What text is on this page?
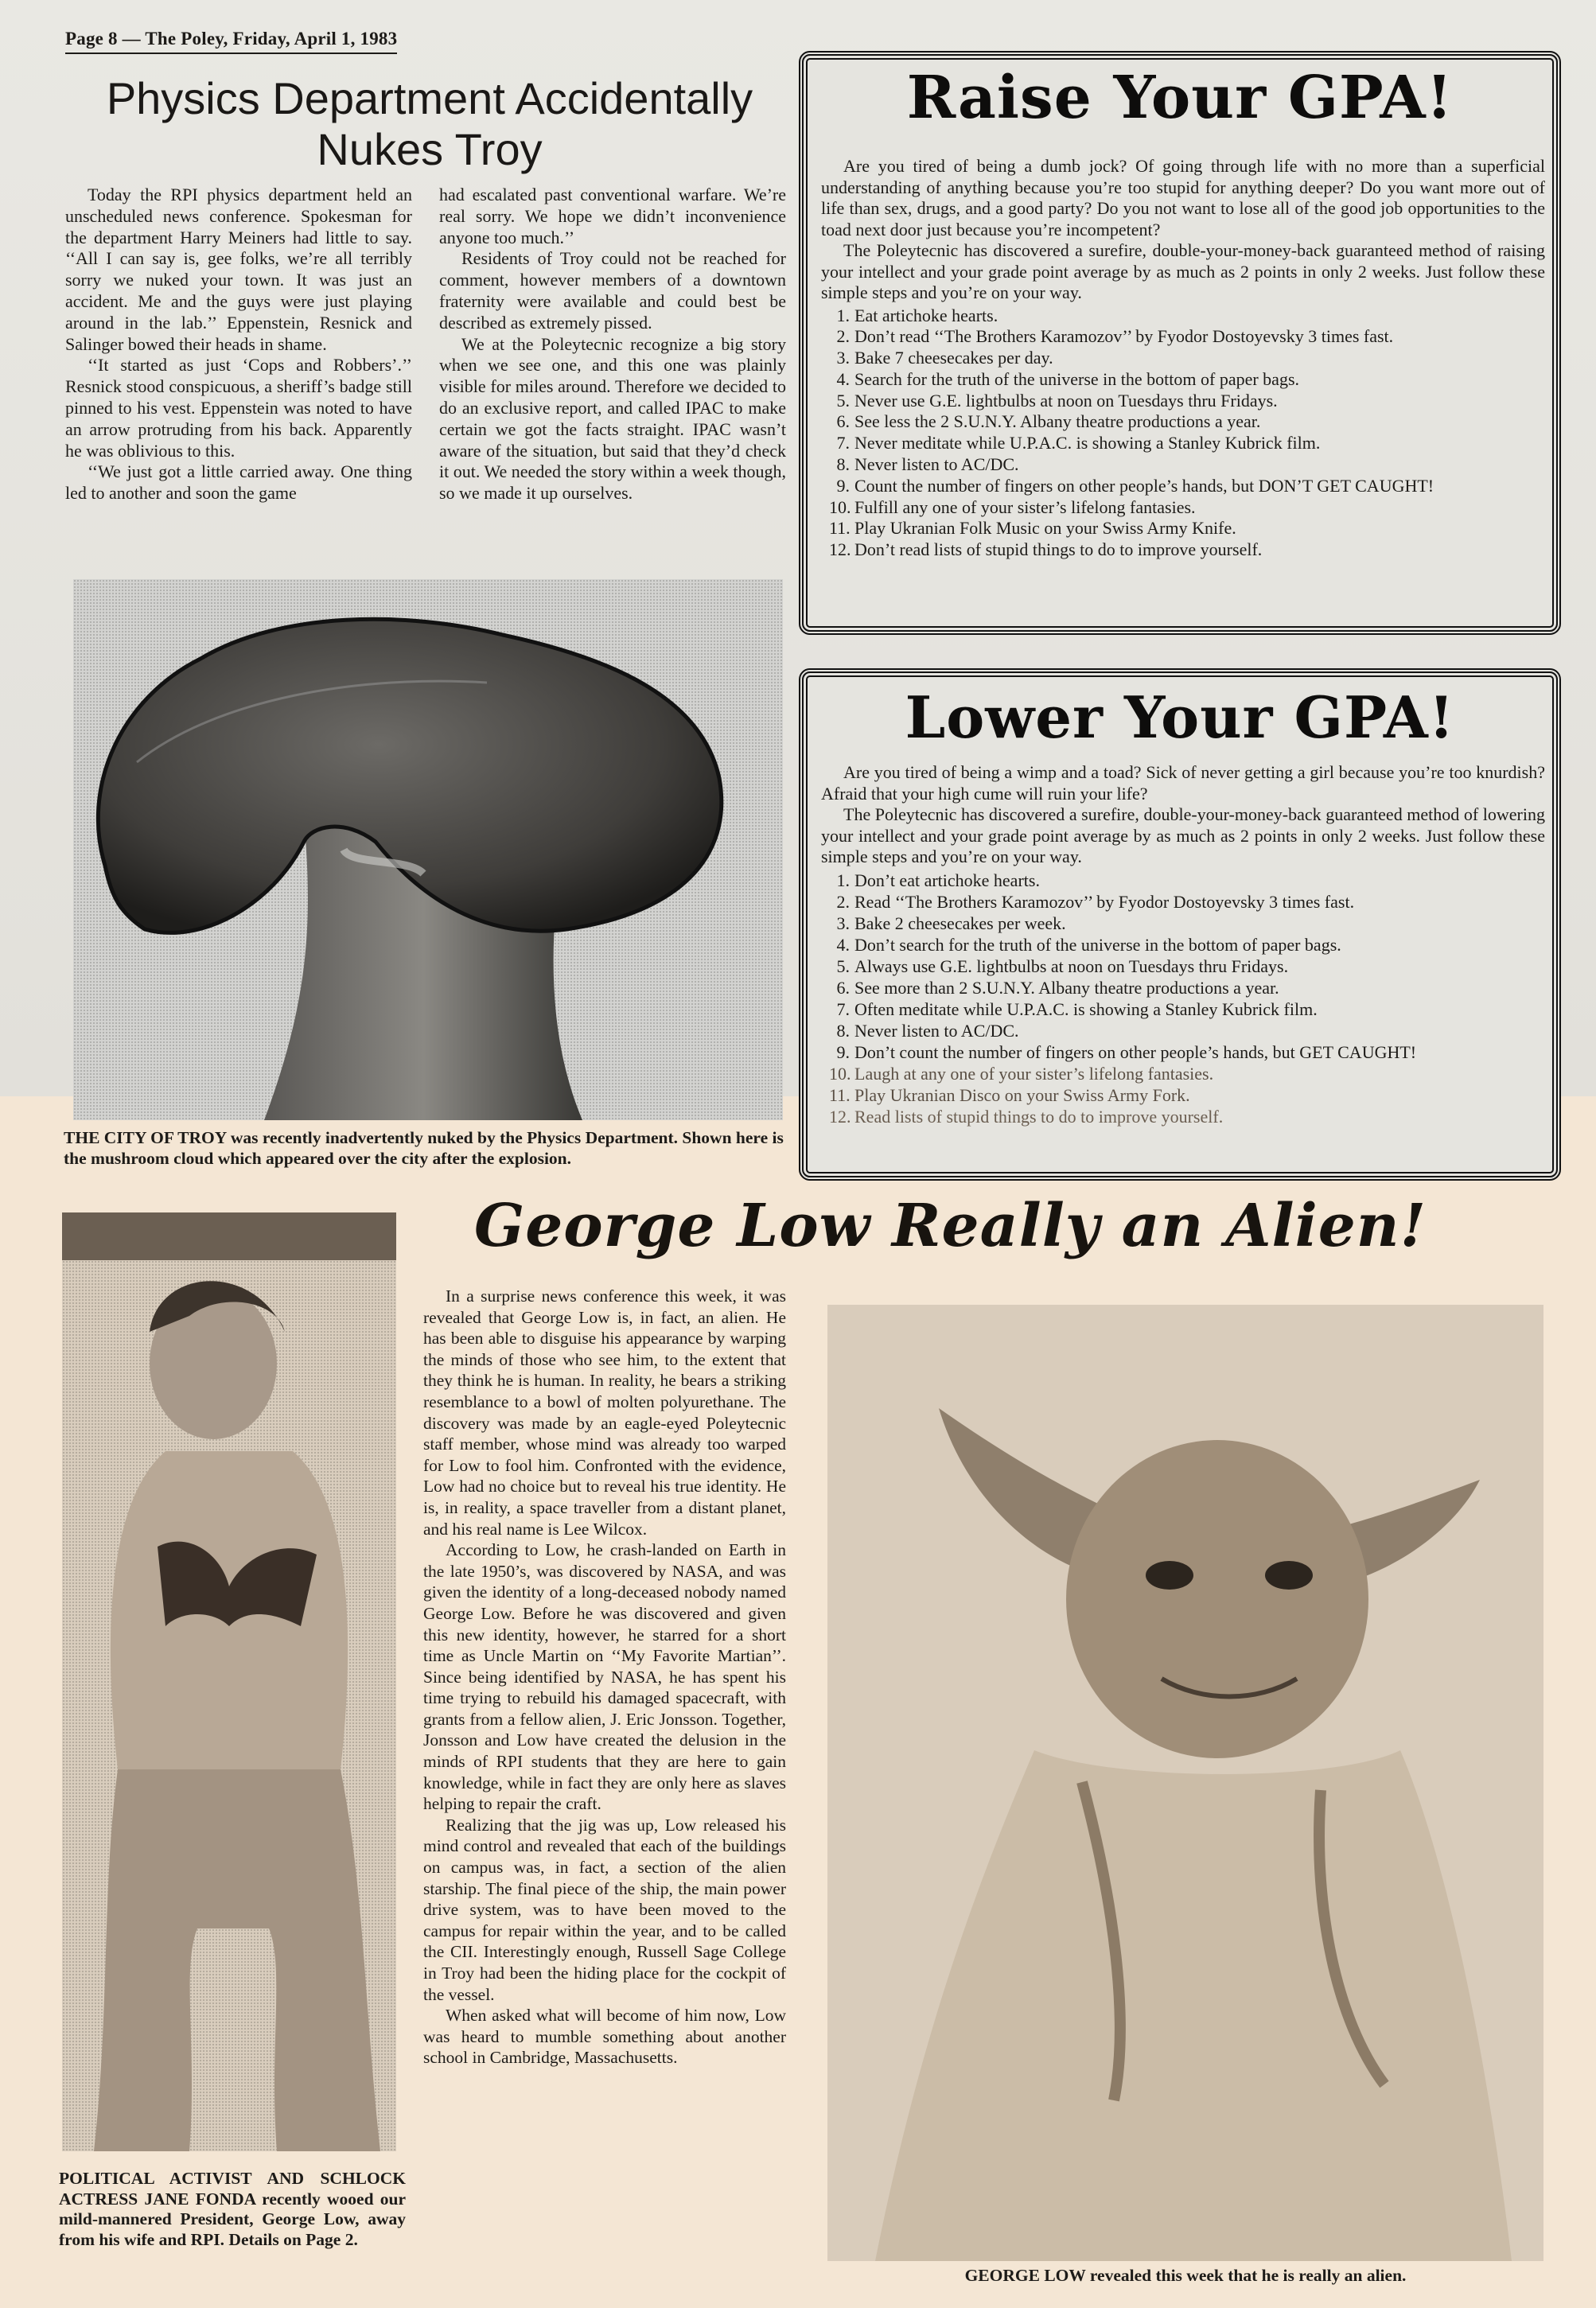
Page 8 — The Poley, Friday, April 1, 1983
Physics Department Accidentally
Nukes Troy

Today the RPI physics department held an unscheduled news conference. Spokesman for the department Harry Meiners had little to say. ‘‘All I can say is, gee folks, we’re all terribly sorry we nuked your town. It was just an accident. Me and the guys were just playing around in the lab.’’ Eppenstein, Resnick and Salinger bowed their heads in shame.

‘‘It started as just ‘Cops and Robbers’.’’ Resnick stood conspicuous, a sheriff’s badge still pinned to his vest. Eppenstein was noted to have an arrow protruding from his back. Apparently he was oblivious to this.

‘‘We just got a little carried away. One thing led to another and soon the game

had escalated past conventional warfare. We’re real sorry. We hope we didn’t inconvenience anyone too much.’’

Residents of Troy could not be reached for comment, however members of a downtown fraternity were available and could best be described as extremely pissed.

We at the Poleytecnic recognize a big story when we see one, and this one was plainly visible for miles around. Therefore we decided to do an exclusive report, and called IPAC to make certain we got the facts straight. IPAC wasn’t aware of the situation, but said that they’d check it out. We needed the story within a week though, so we made it up ourselves.

THE CITY OF TROY was recently inadvertently nuked by the Physics Department. Shown here is the mushroom cloud which appeared over the city after the explosion.
Raise Your GPA!

Are you tired of being a dumb jock? Of going through life with no more than a superficial understanding of anything because you’re too stupid for anything deeper? Do you want more out of life than sex, drugs, and a good party? Do you not want to lose all of the good job opportunities to the toad next door just because you’re incompetent?

The Poleytecnic has discovered a surefire, double-your-money-back guaranteed method of raising your intellect and your grade point average by as much as 2 points in only 2 weeks. Just follow these simple steps and you’re on your way.

1. Eat artichoke hearts.
2. Don’t read ‘‘The Brothers Karamozov’’ by Fyodor Dostoyevsky 3 times fast.
3. Bake 7 cheesecakes per day.
4. Search for the truth of the universe in the bottom of paper bags.
5. Never use G.E. lightbulbs at noon on Tuesdays thru Fridays.
6. See less the 2 S.U.N.Y. Albany theatre productions a year.
7. Never meditate while U.P.A.C. is showing a Stanley Kubrick film.
8. Never listen to AC/DC.
9. Count the number of fingers on other people’s hands, but DON’T GET CAUGHT!
10. Fulfill any one of your sister’s lifelong fantasies.
11. Play Ukranian Folk Music on your Swiss Army Knife.
12. Don’t read lists of stupid things to do to improve yourself.
Lower Your GPA!

Are you tired of being a wimp and a toad? Sick of never getting a girl because you’re too knurdish? Afraid that your high cume will ruin your life?

The Poleytecnic has discovered a surefire, double-your-money-back guaranteed method of lowering your intellect and your grade point average by as much as 2 points in only 2 weeks. Just follow these simple steps and you’re on your way.

1. Don’t eat artichoke hearts.
2. Read ‘‘The Brothers Karamozov’’ by Fyodor Dostoyevsky 3 times fast.
3. Bake 2 cheesecakes per week.
4. Don’t search for the truth of the universe in the bottom of paper bags.
5. Always use G.E. lightbulbs at noon on Tuesdays thru Fridays.
6. See more than 2 S.U.N.Y. Albany theatre productions a year.
7. Often meditate while U.P.A.C. is showing a Stanley Kubrick film.
8. Never listen to AC/DC.
9. Don’t count the number of fingers on other people’s hands, but GET CAUGHT!
10. Laugh at any one of your sister’s lifelong fantasies.
11. Play Ukranian Disco on your Swiss Army Fork.
12. Read lists of stupid things to do to improve yourself.
George Low Really an Alien!
POLITICAL ACTIVIST AND SCHLOCK ACTRESS JANE FONDA recently wooed our mild-mannered President, George Low, away from his wife and RPI. Details on Page 2.

In a surprise news conference this week, it was revealed that George Low is, in fact, an alien. He has been able to disguise his appearance by warping the minds of those who see him, to the extent that they think he is human. In reality, he bears a striking resemblance to a bowl of molten polyurethane. The discovery was made by an eagle-eyed Poleytecnic staff member, whose mind was already too warped for Low to fool him. Confronted with the evidence, Low had no choice but to reveal his true identity. He is, in reality, a space traveller from a distant planet, and his real name is Lee Wilcox.

According to Low, he crash-landed on Earth in the late 1950’s, was discovered by NASA, and was given the identity of a long-deceased nobody named George Low. Before he was discovered and given this new identity, however, he starred for a short time as Uncle Martin on ‘‘My Favorite Martian’’. Since being identified by NASA, he has spent his time trying to rebuild his damaged spacecraft, with grants from a fellow alien, J. Eric Jonsson. Together, Jonsson and Low have created the delusion in the minds of RPI students that they are here to gain knowledge, while in fact they are only here as slaves helping to repair the craft.

Realizing that the jig was up, Low released his mind control and revealed that each of the buildings on campus was, in fact, a section of the alien starship. The final piece of the ship, the main power drive system, was to have been moved to the campus for repair within the year, and to be called the CII. Interestingly enough, Russell Sage College in Troy had been the hiding place for the cockpit of the vessel.

When asked what will become of him now, Low was heard to mumble something about another school in Cambridge, Massachusetts.

GEORGE LOW revealed this week that he is really an alien.
